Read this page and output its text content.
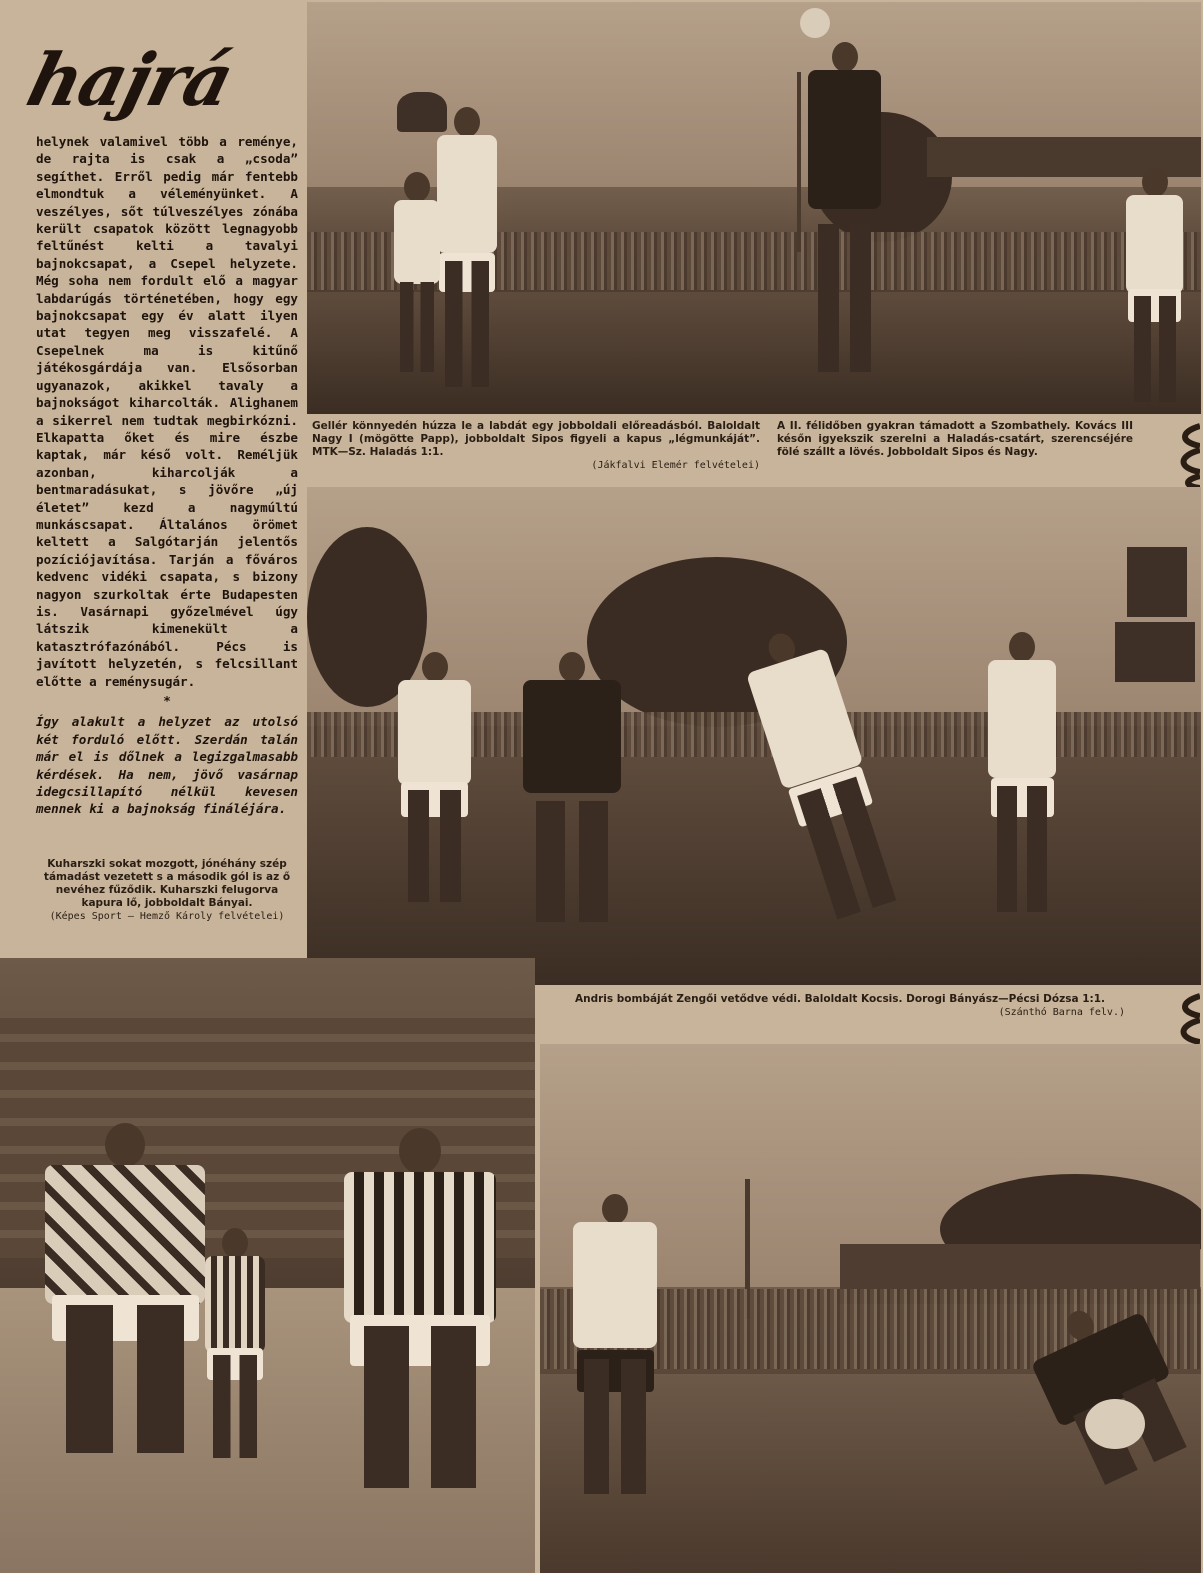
hajrá

helynek valamivel több a reménye, de rajta is csak a „csoda” segíthet. Erről pedig már fentebb elmondtuk a véleményünket. A veszélyes, sőt túlveszélyes zónába került csapatok között legnagyobb feltűnést kelti a tavalyi bajnokcsapat, a Csepel helyzete. Még soha nem fordult elő a magyar labdarúgás történetében, hogy egy bajnokcsapat egy év alatt ilyen utat tegyen meg visszafelé. A Csepelnek ma is kitűnő játékosgárdája van. Elsősorban ugyanazok, akikkel tavaly a bajnokságot kiharcolták. Alighanem a sikerrel nem tudtak megbirkózni. Elkapatta őket és mire észbe kaptak, már késő volt. Reméljük azonban, kiharcolják a bentmaradásukat, s jövőre „új életet” kezd a nagymúltú munkáscsapat. Általános örömet keltett a Salgótarján jelentős pozíciójavítása. Tarján a főváros kedvenc vidéki csapata, s bizony nagyon szurkoltak érte Budapesten is. Vasárnapi győzelmével úgy látszik kimenekült a katasztrófazónából. Pécs is javított helyzetén, s felcsillant előtte a reménysugár.

*

Így alakult a helyzet az utolsó két forduló előtt. Szerdán talán már el is dőlnek a legizgalmasabb kérdések. Ha nem, jövő vasárnap idegcsillapító nélkül kevesen mennek ki a bajnokság fináléjára.

Kuharszki sokat mozgott, jónéhány szép támadást vezetett s a második gól is az ő nevéhez fűződik. Kuharszki felugorva kapura lő, jobboldalt Bányai.
(Képes Sport — Hemző Károly felvételei)
Gellér könnyedén húzza le a labdát egy jobboldali előreadásból. Baloldalt Nagy I (mögötte Papp), jobboldalt Sipos figyeli a kapus „légmunkáját”. MTK—Sz. Haladás 1:1.
(Jákfalvi Elemér felvételei)
A II. félidőben gyakran támadott a Szombathely. Kovács III későn igyekszik szerelni a Haladás-csatárt, szerencséjére fölé szállt a lövés. Jobboldalt Sipos és Nagy.
Andris bombáját Zengői vetődve védi. Baloldalt Kocsis. Dorogi Bányász—Pécsi Dózsa 1:1.
(Szánthó Barna felv.)
